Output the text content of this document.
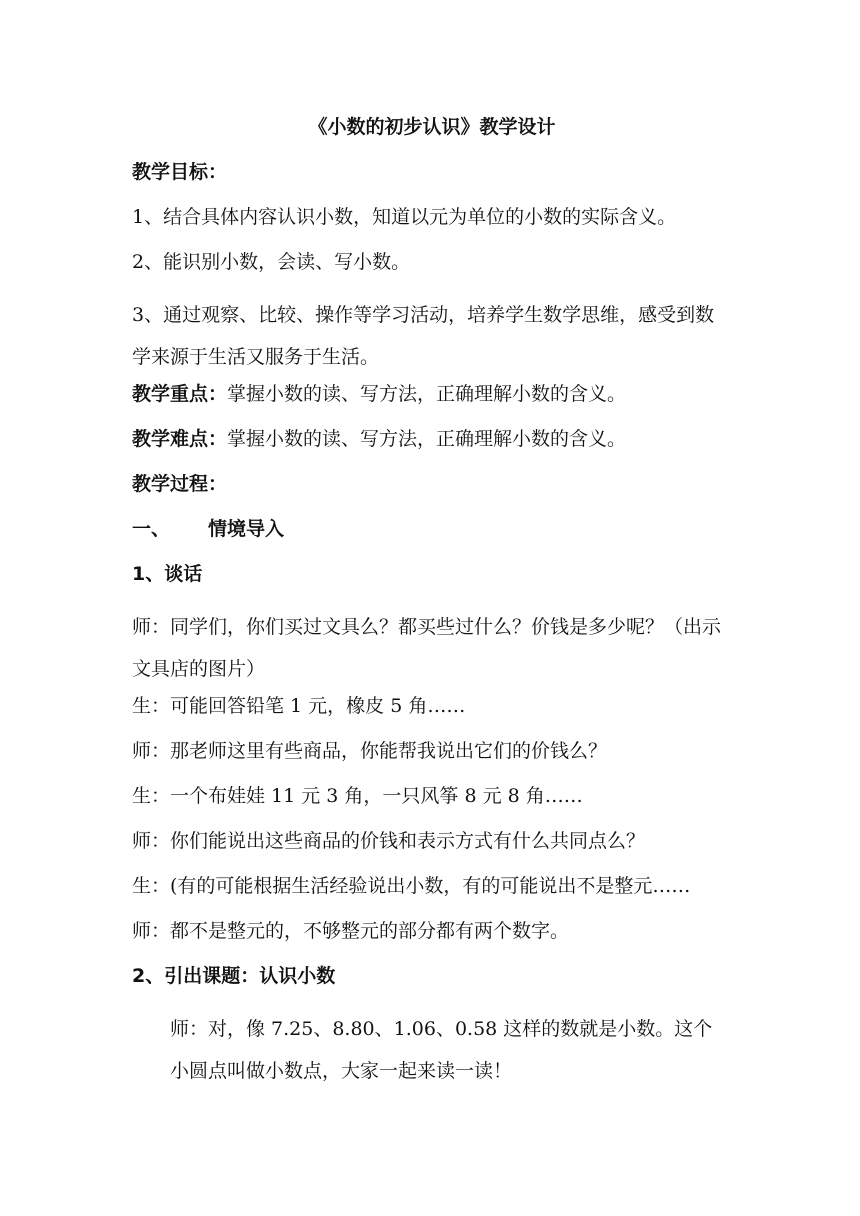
《小数的初步认识》教学设计

教学目标：

1、结合具体内容认识小数，知道以元为单位的小数的实际含义。

2、能识别小数，会读、写小数。

3、通过观察、比较、操作等学习活动，培养学生数学思维，感受到数学来源于生活又服务于生活。

教学重点：掌握小数的读、写方法，正确理解小数的含义。

教学难点：掌握小数的读、写方法，正确理解小数的含义。

教学过程：

一、 情境导入

1、谈话

师：同学们，你们买过文具么？都买些过什么？价钱是多少呢？（出示文具店的图片）

生：可能回答铅笔 1 元，橡皮 5 角……

师：那老师这里有些商品，你能帮我说出它们的价钱么？

生：一个布娃娃 11 元 3 角，一只风筝 8 元 8 角……

师：你们能说出这些商品的价钱和表示方式有什么共同点么？

生：(有的可能根据生活经验说出小数，有的可能说出不是整元……

师：都不是整元的，不够整元的部分都有两个数字。

2、引出课题：认识小数

师：对，像 7.25、8.80、1.06、0.58 这样的数就是小数。这个小圆点叫做小数点，大家一起来读一读！
